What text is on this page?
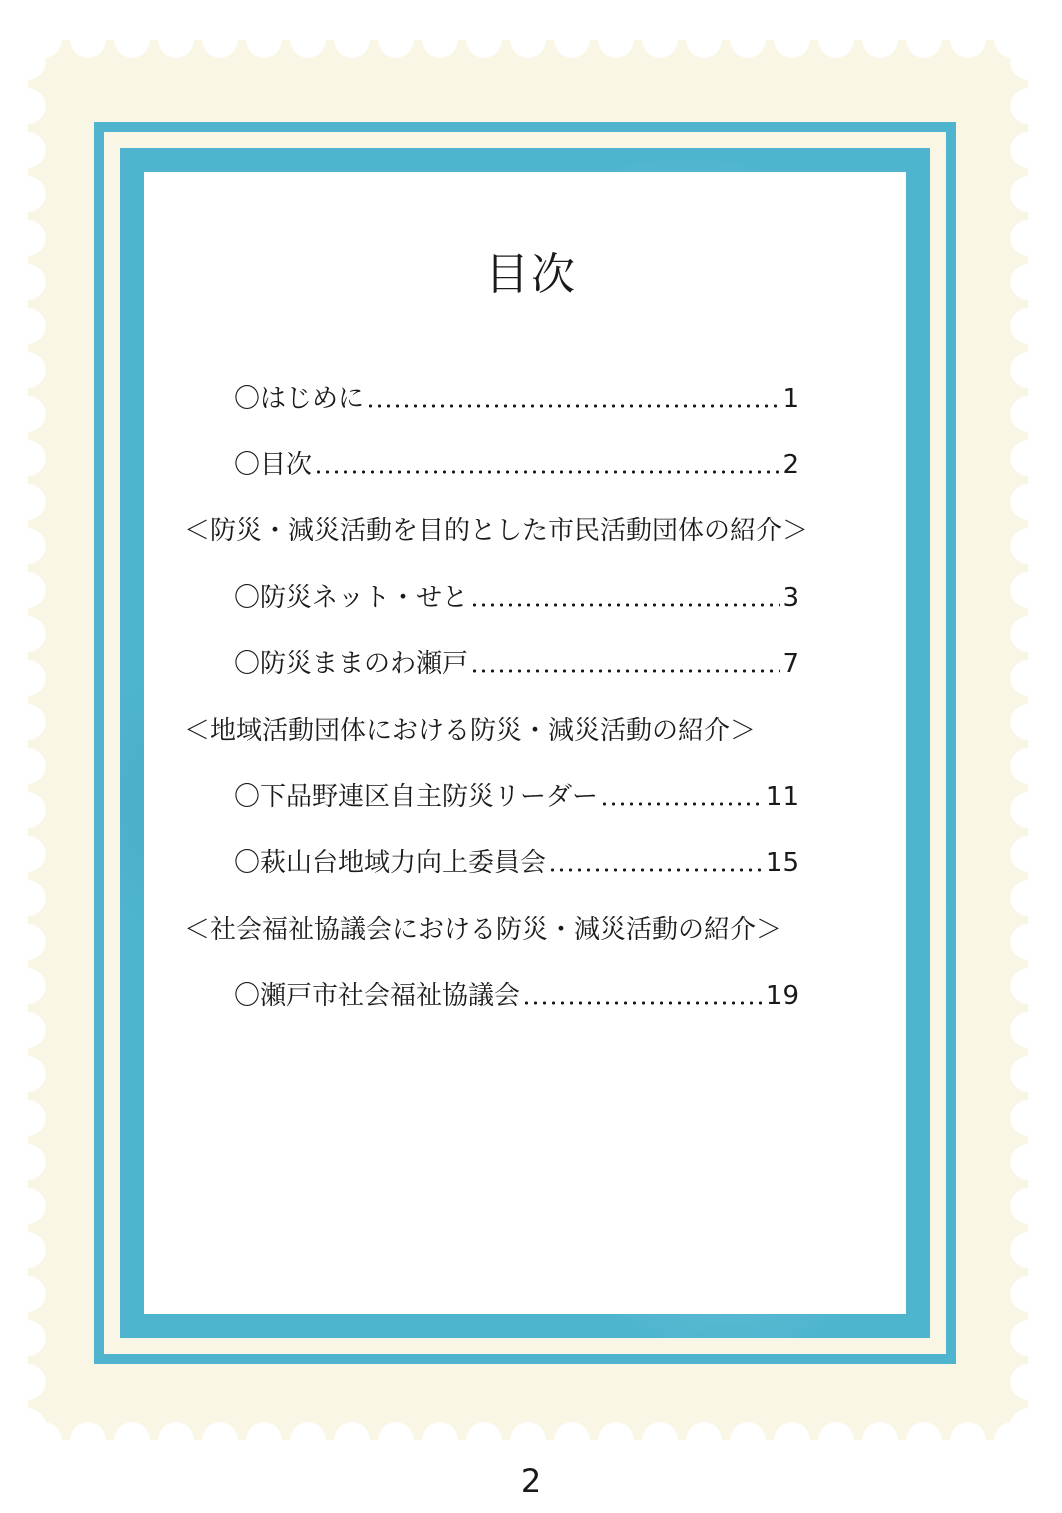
目次
〇はじめに	1
〇目次	2
＜防災・減災活動を目的とした市民活動団体の紹介＞
〇防災ネット・せと	3
〇防災ままのわ瀬戸	7
＜地域活動団体における防災・減災活動の紹介＞
〇下品野連区自主防災リーダー	11
〇萩山台地域力向上委員会	15
＜社会福祉協議会における防災・減災活動の紹介＞
〇瀬戸市社会福祉協議会	19
2
